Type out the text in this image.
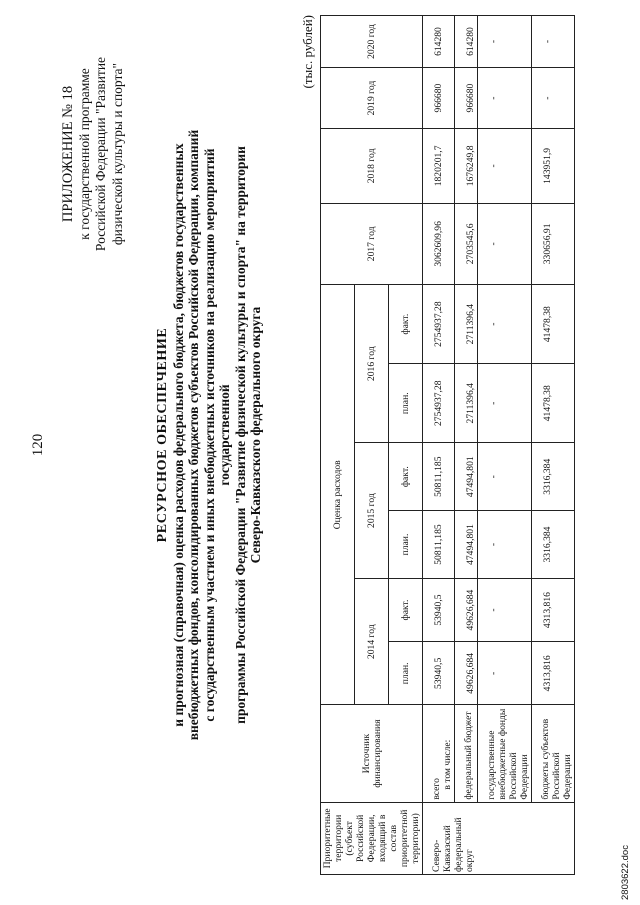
120
ПРИЛОЖЕНИЕ № 18 к государственной программе Российской Федерации "Развитие физической культуры и спорта"
РЕСУРСНОЕ ОБЕСПЕЧЕНИЕ и прогнозная (справочная) оценка расходов федерального бюджета, бюджетов государственных внебюджетных фондов, консолидированных бюджетов субъектов Российской Федерации, компаний с государственным участием и иных внебюджетных источников на реализацию мероприятий государственной программы Российской Федерации "Развитие физической культуры и спорта" на территории Северо-Кавказского федерального округа
(тыс. рублей)
Приоритетные территории (субъект Российской Федерации, входящий в состав приоритетной территории)	Источник финансирования	Оценка расходов						2017 год	2018 год	2019 год	2020 год
		2014 год		2015 год		2016 год					
		план.	факт.	плаи.	факт.	план.	факт.				
Северо-Кавказский федеральный округ	всего в том числе:	53940,5	53940,5	50811,185	50811,185	2754937,28	2754937,28	3062609,96	1820201,7	966680	614280
	федеральный бюджет	49626,684	49626,684	47494,801	47494,801	2711396,4	2711396,4	2703545,6	1676249,8	966680	614280
	государственные внебюджетные фонды Российской Федерации	-	-	-	-	-	-	-	-	-	-
	бюджеты субъектов Российской Федерации	4313,816	4313,816	3316,384	3316,384	41478,38	41478,38	330656,91	143951,9	-	-
2803622.doc
